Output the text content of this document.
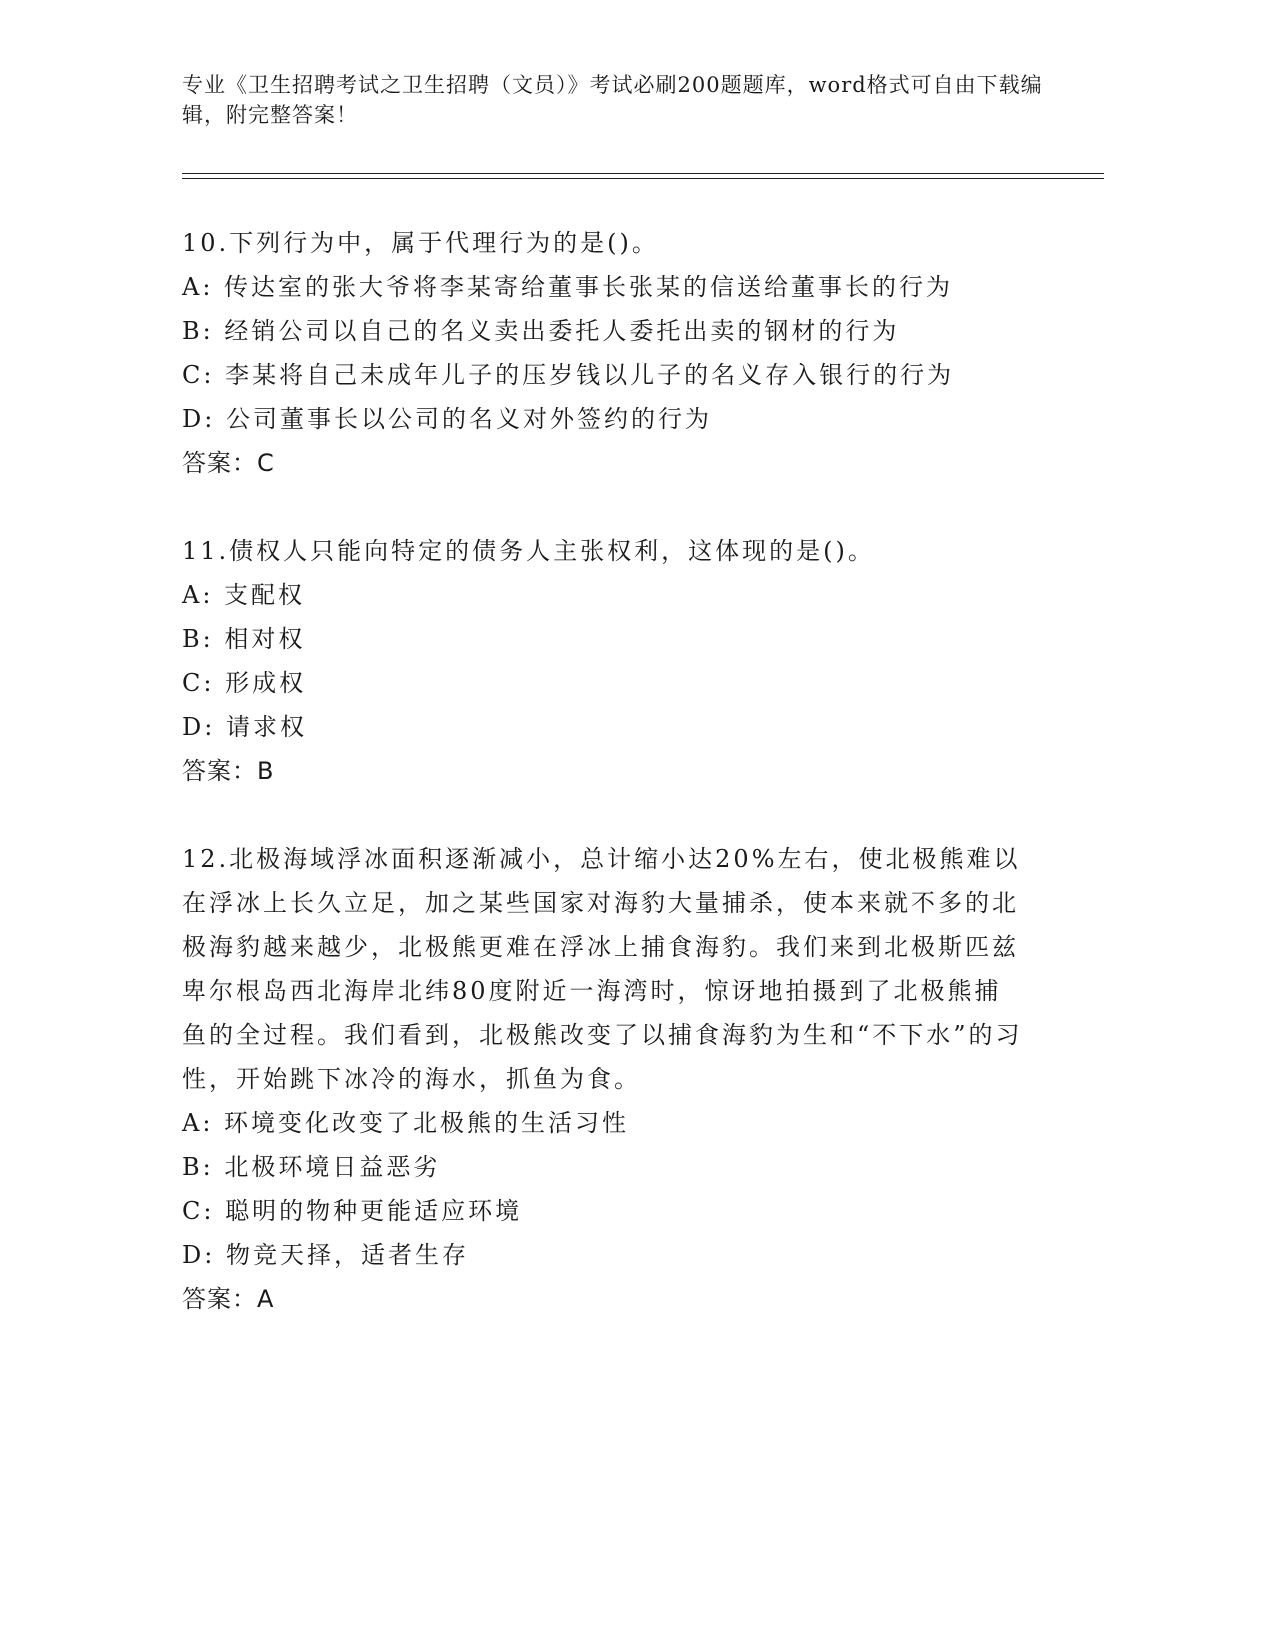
专业《卫生招聘考试之卫生招聘（文员）》考试必刷200题题库，word格式可自由下载编辑，附完整答案！
10.下列行为中，属于代理行为的是()。
A: 传达室的张大爷将李某寄给董事长张某的信送给董事长的行为
B: 经销公司以自己的名义卖出委托人委托出卖的钢材的行为
C: 李某将自己未成年儿子的压岁钱以儿子的名义存入银行的行为
D: 公司董事长以公司的名义对外签约的行为
答案：C
11.债权人只能向特定的债务人主张权利，这体现的是()。
A: 支配权
B: 相对权
C: 形成权
D: 请求权
答案：B
12.北极海域浮冰面积逐渐减小，总计缩小达20%左右，使北极熊难以在浮冰上长久立足，加之某些国家对海豹大量捕杀，使本来就不多的北极海豹越来越少，北极熊更难在浮冰上捕食海豹。我们来到北极斯匹兹卑尔根岛西北海岸北纬80度附近一海湾时，惊讶地拍摄到了北极熊捕鱼的全过程。我们看到，北极熊改变了以捕食海豹为生和“不下水”的习性，开始跳下冰冷的海水，抓鱼为食。
A: 环境变化改变了北极熊的生活习性
B: 北极环境日益恶劣
C: 聪明的物种更能适应环境
D: 物竞天择，适者生存
答案：A
